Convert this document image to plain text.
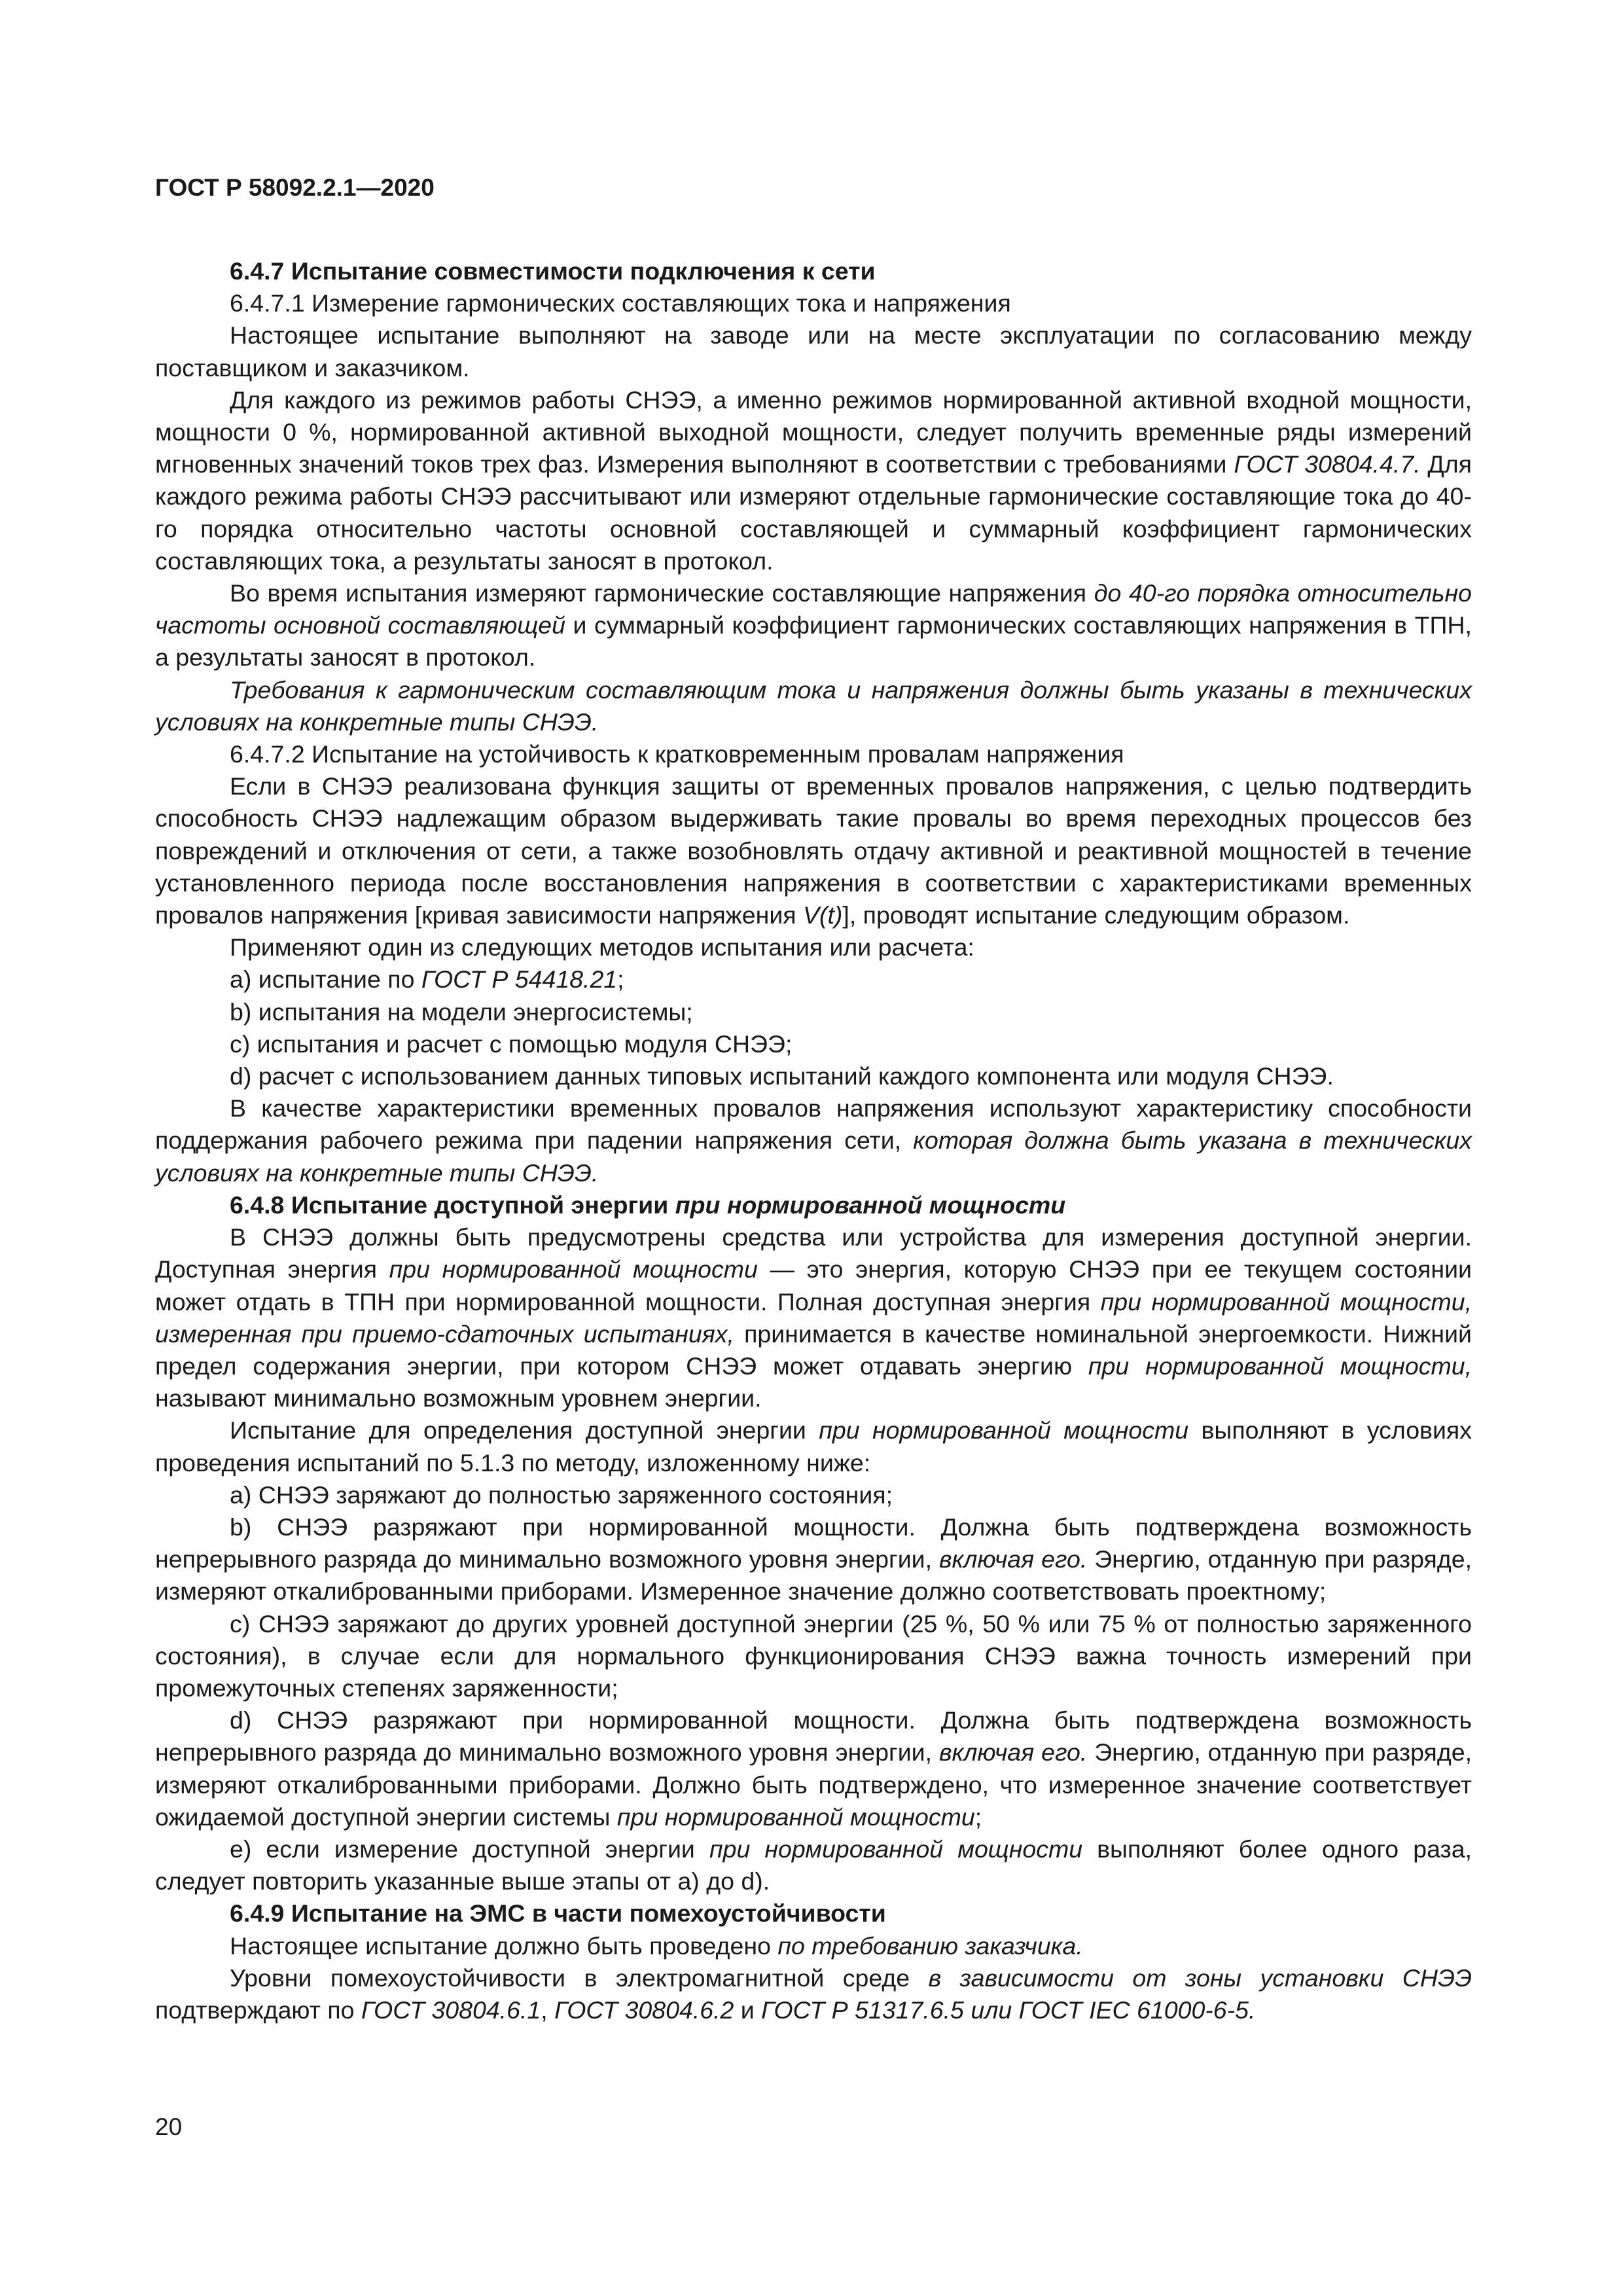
ГОСТ Р 58092.2.1—2020

6.4.7 Испытание совместимости подключения к сети

6.4.7.1 Измерение гармонических составляющих тока и напряжения

Настоящее испытание выполняют на заводе или на месте эксплуатации по согласованию между поставщиком и заказчиком.

Для каждого из режимов работы СНЭЭ, а именно режимов нормированной активной входной мощности, мощности 0 %, нормированной активной выходной мощности, следует получить временные ряды измерений мгновенных значений токов трех фаз. Измерения выполняют в соответствии с требованиями ГОСТ 30804.4.7. Для каждого режима работы СНЭЭ рассчитывают или измеряют отдельные гармонические составляющие тока до 40-го порядка относительно частоты основной составляющей и суммарный коэффициент гармонических составляющих тока, а результаты заносят в протокол.

Во время испытания измеряют гармонические составляющие напряжения до 40-го порядка относительно частоты основной составляющей и суммарный коэффициент гармонических составляющих напряжения в ТПН, а результаты заносят в протокол.

Требования к гармоническим составляющим тока и напряжения должны быть указаны в технических условиях на конкретные типы СНЭЭ.

6.4.7.2 Испытание на устойчивость к кратковременным провалам напряжения

Если в СНЭЭ реализована функция защиты от временных провалов напряжения, с целью подтвердить способность СНЭЭ надлежащим образом выдерживать такие провалы во время переходных процессов без повреждений и отключения от сети, а также возобновлять отдачу активной и реактивной мощностей в течение установленного периода после восстановления напряжения в соответствии с характеристиками временных провалов напряжения [кривая зависимости напряжения V(t)], проводят испытание следующим образом.

Применяют один из следующих методов испытания или расчета:

а) испытание по ГОСТ Р 54418.21;

b) испытания на модели энергосистемы;

c) испытания и расчет с помощью модуля СНЭЭ;

d) расчет с использованием данных типовых испытаний каждого компонента или модуля СНЭЭ.

В качестве характеристики временных провалов напряжения используют характеристику способности поддержания рабочего режима при падении напряжения сети, которая должна быть указана в технических условиях на конкретные типы СНЭЭ.

6.4.8 Испытание доступной энергии при нормированной мощности

В СНЭЭ должны быть предусмотрены средства или устройства для измерения доступной энергии. Доступная энергия при нормированной мощности — это энергия, которую СНЭЭ при ее текущем состоянии может отдать в ТПН при нормированной мощности. Полная доступная энергия при нормированной мощности, измеренная при приемо-сдаточных испытаниях, принимается в качестве номинальной энергоемкости. Нижний предел содержания энергии, при котором СНЭЭ может отдавать энергию при нормированной мощности, называют минимально возможным уровнем энергии.

Испытание для определения доступной энергии при нормированной мощности выполняют в условиях проведения испытаний по 5.1.3 по методу, изложенному ниже:

а) СНЭЭ заряжают до полностью заряженного состояния;

b) СНЭЭ разряжают при нормированной мощности. Должна быть подтверждена возможность непрерывного разряда до минимально возможного уровня энергии, включая его. Энергию, отданную при разряде, измеряют откалиброванными приборами. Измеренное значение должно соответствовать проектному;

c) СНЭЭ заряжают до других уровней доступной энергии (25 %, 50 % или 75 % от полностью заряженного состояния), в случае если для нормального функционирования СНЭЭ важна точность измерений при промежуточных степенях заряженности;

d) СНЭЭ разряжают при нормированной мощности. Должна быть подтверждена возможность непрерывного разряда до минимально возможного уровня энергии, включая его. Энергию, отданную при разряде, измеряют откалиброванными приборами. Должно быть подтверждено, что измеренное значение соответствует ожидаемой доступной энергии системы при нормированной мощности;

е) если измерение доступной энергии при нормированной мощности выполняют более одного раза, следует повторить указанные выше этапы от а) до d).

6.4.9 Испытание на ЭМС в части помехоустойчивости

Настоящее испытание должно быть проведено по требованию заказчика.

Уровни помехоустойчивости в электромагнитной среде в зависимости от зоны установки СНЭЭ подтверждают по ГОСТ 30804.6.1, ГОСТ 30804.6.2 и ГОСТ Р 51317.6.5 или ГОСТ IEC 61000-6-5.

20
